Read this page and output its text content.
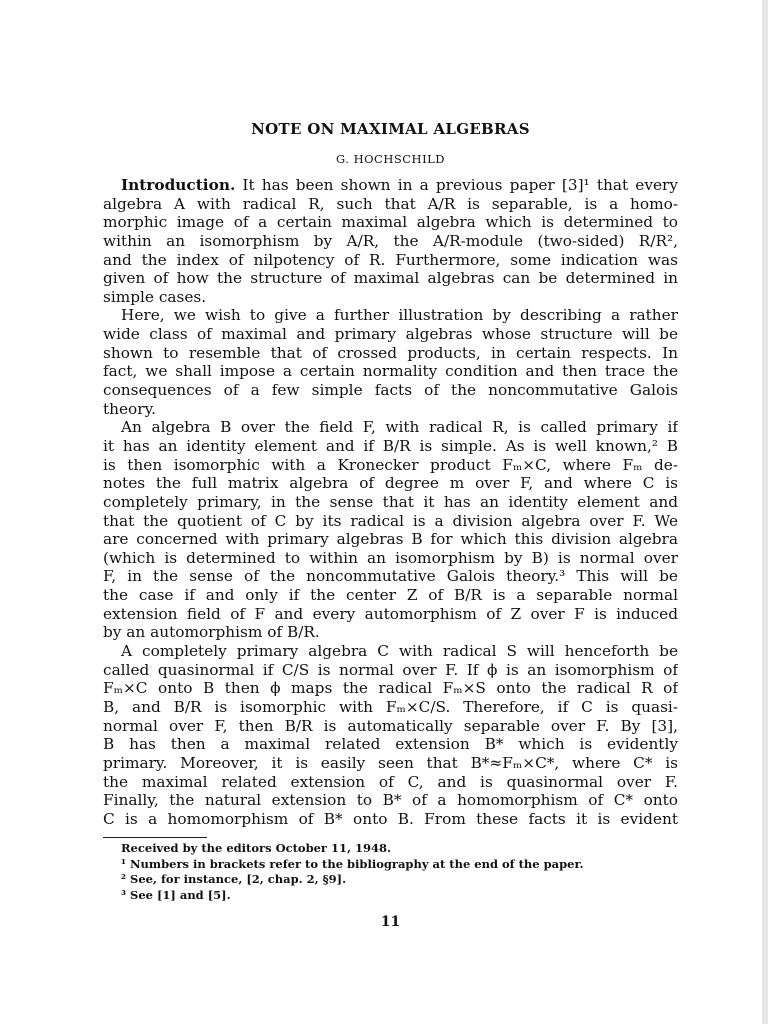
NOTE ON MAXIMAL ALGEBRAS
G. HOCHSCHILD
Introduction. It has been shown in a previous paper [3]¹ that every
algebra A with radical R, such that A/R is separable, is a homo-
morphic image of a certain maximal algebra which is determined to
within an isomorphism by A/R, the A/R-module (two-sided) R/R²,
and the index of nilpotency of R. Furthermore, some indication was
given of how the structure of maximal algebras can be determined in
simple cases.
Here, we wish to give a further illustration by describing a rather
wide class of maximal and primary algebras whose structure will be
shown to resemble that of crossed products, in certain respects. In
fact, we shall impose a certain normality condition and then trace the
consequences of a few simple facts of the noncommutative Galois
theory.
An algebra B over the field F, with radical R, is called primary if
it has an identity element and if B/R is simple. As is well known,² B
is then isomorphic with a Kronecker product Fₘ×C, where Fₘ de-
notes the full matrix algebra of degree m over F, and where C is
completely primary, in the sense that it has an identity element and
that the quotient of C by its radical is a division algebra over F. We
are concerned with primary algebras B for which this division algebra
(which is determined to within an isomorphism by B) is normal over
F, in the sense of the noncommutative Galois theory.³ This will be
the case if and only if the center Z of B/R is a separable normal
extension field of F and every automorphism of Z over F is induced
by an automorphism of B/R.
A completely primary algebra C with radical S will henceforth be
called quasinormal if C/S is normal over F. If ϕ is an isomorphism of
Fₘ×C onto B then ϕ maps the radical Fₘ×S onto the radical R of
B, and B/R is isomorphic with Fₘ×C/S. Therefore, if C is quasi-
normal over F, then B/R is automatically separable over F. By [3],
B has then a maximal related extension B* which is evidently
primary. Moreover, it is easily seen that B*≈Fₘ×C*, where C* is
the maximal related extension of C, and is quasinormal over F.
Finally, the natural extension to B* of a homomorphism of C* onto
C is a homomorphism of B* onto B. From these facts it is evident
Received by the editors October 11, 1948.
¹ Numbers in brackets refer to the bibliography at the end of the paper.
² See, for instance, [2, chap. 2, §9].
³ See [1] and [5].
11
